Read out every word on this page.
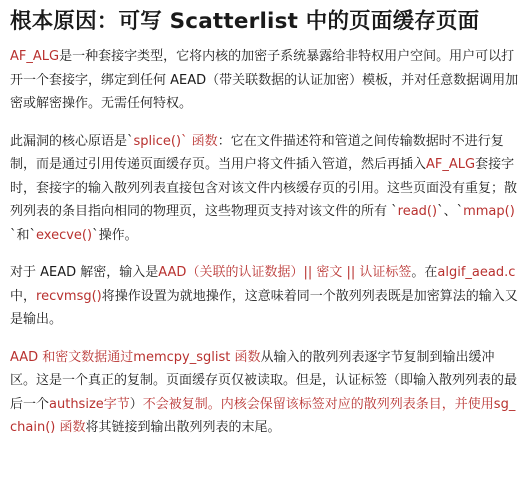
根本原因：可写 Scatterlist 中的页面缓存页面

AF_ALG是一种套接字类型，它将内核的加密子系统暴露给非特权用户空间。用户可以打开一个套接字，绑定到任何 AEAD（带关联数据的认证加密）模板，并对任意数据调用加密或解密操作。无需任何特权。

此漏洞的核心原语是`splice()` 函数：它在文件描述符和管道之间传输数据时不进行复制，而是通过引用传递页面缓存页。当用户将文件插入管道，然后再插入AF_ALG套接字时，套接字的输入散列列表直接包含对该文件内核缓存页的引用。这些页面没有重复；散列列表的条目指向相同的物理页，这些物理页支持对该文件的所有 `read()`、`mmap()`和`execve()`操作。

对于 AEAD 解密，输入是AAD（关联的认证数据）|| 密文 || 认证标签。在algif_aead.c中，recvmsg()将操作设置为就地操作，这意味着同一个散列列表既是加密算法的输入又是输出。

AAD 和密文数据通过memcpy_sglist 函数从输入的散列列表逐字节复制到输出缓冲区。这是一个真正的复制。页面缓存页仅被读取。但是，认证标签（即输入散列列表的最后一个authsize字节）不会被复制。内核会保留该标签对应的散列列表条目，并使用sg_chain() 函数将其链接到输出散列列表的末尾。
